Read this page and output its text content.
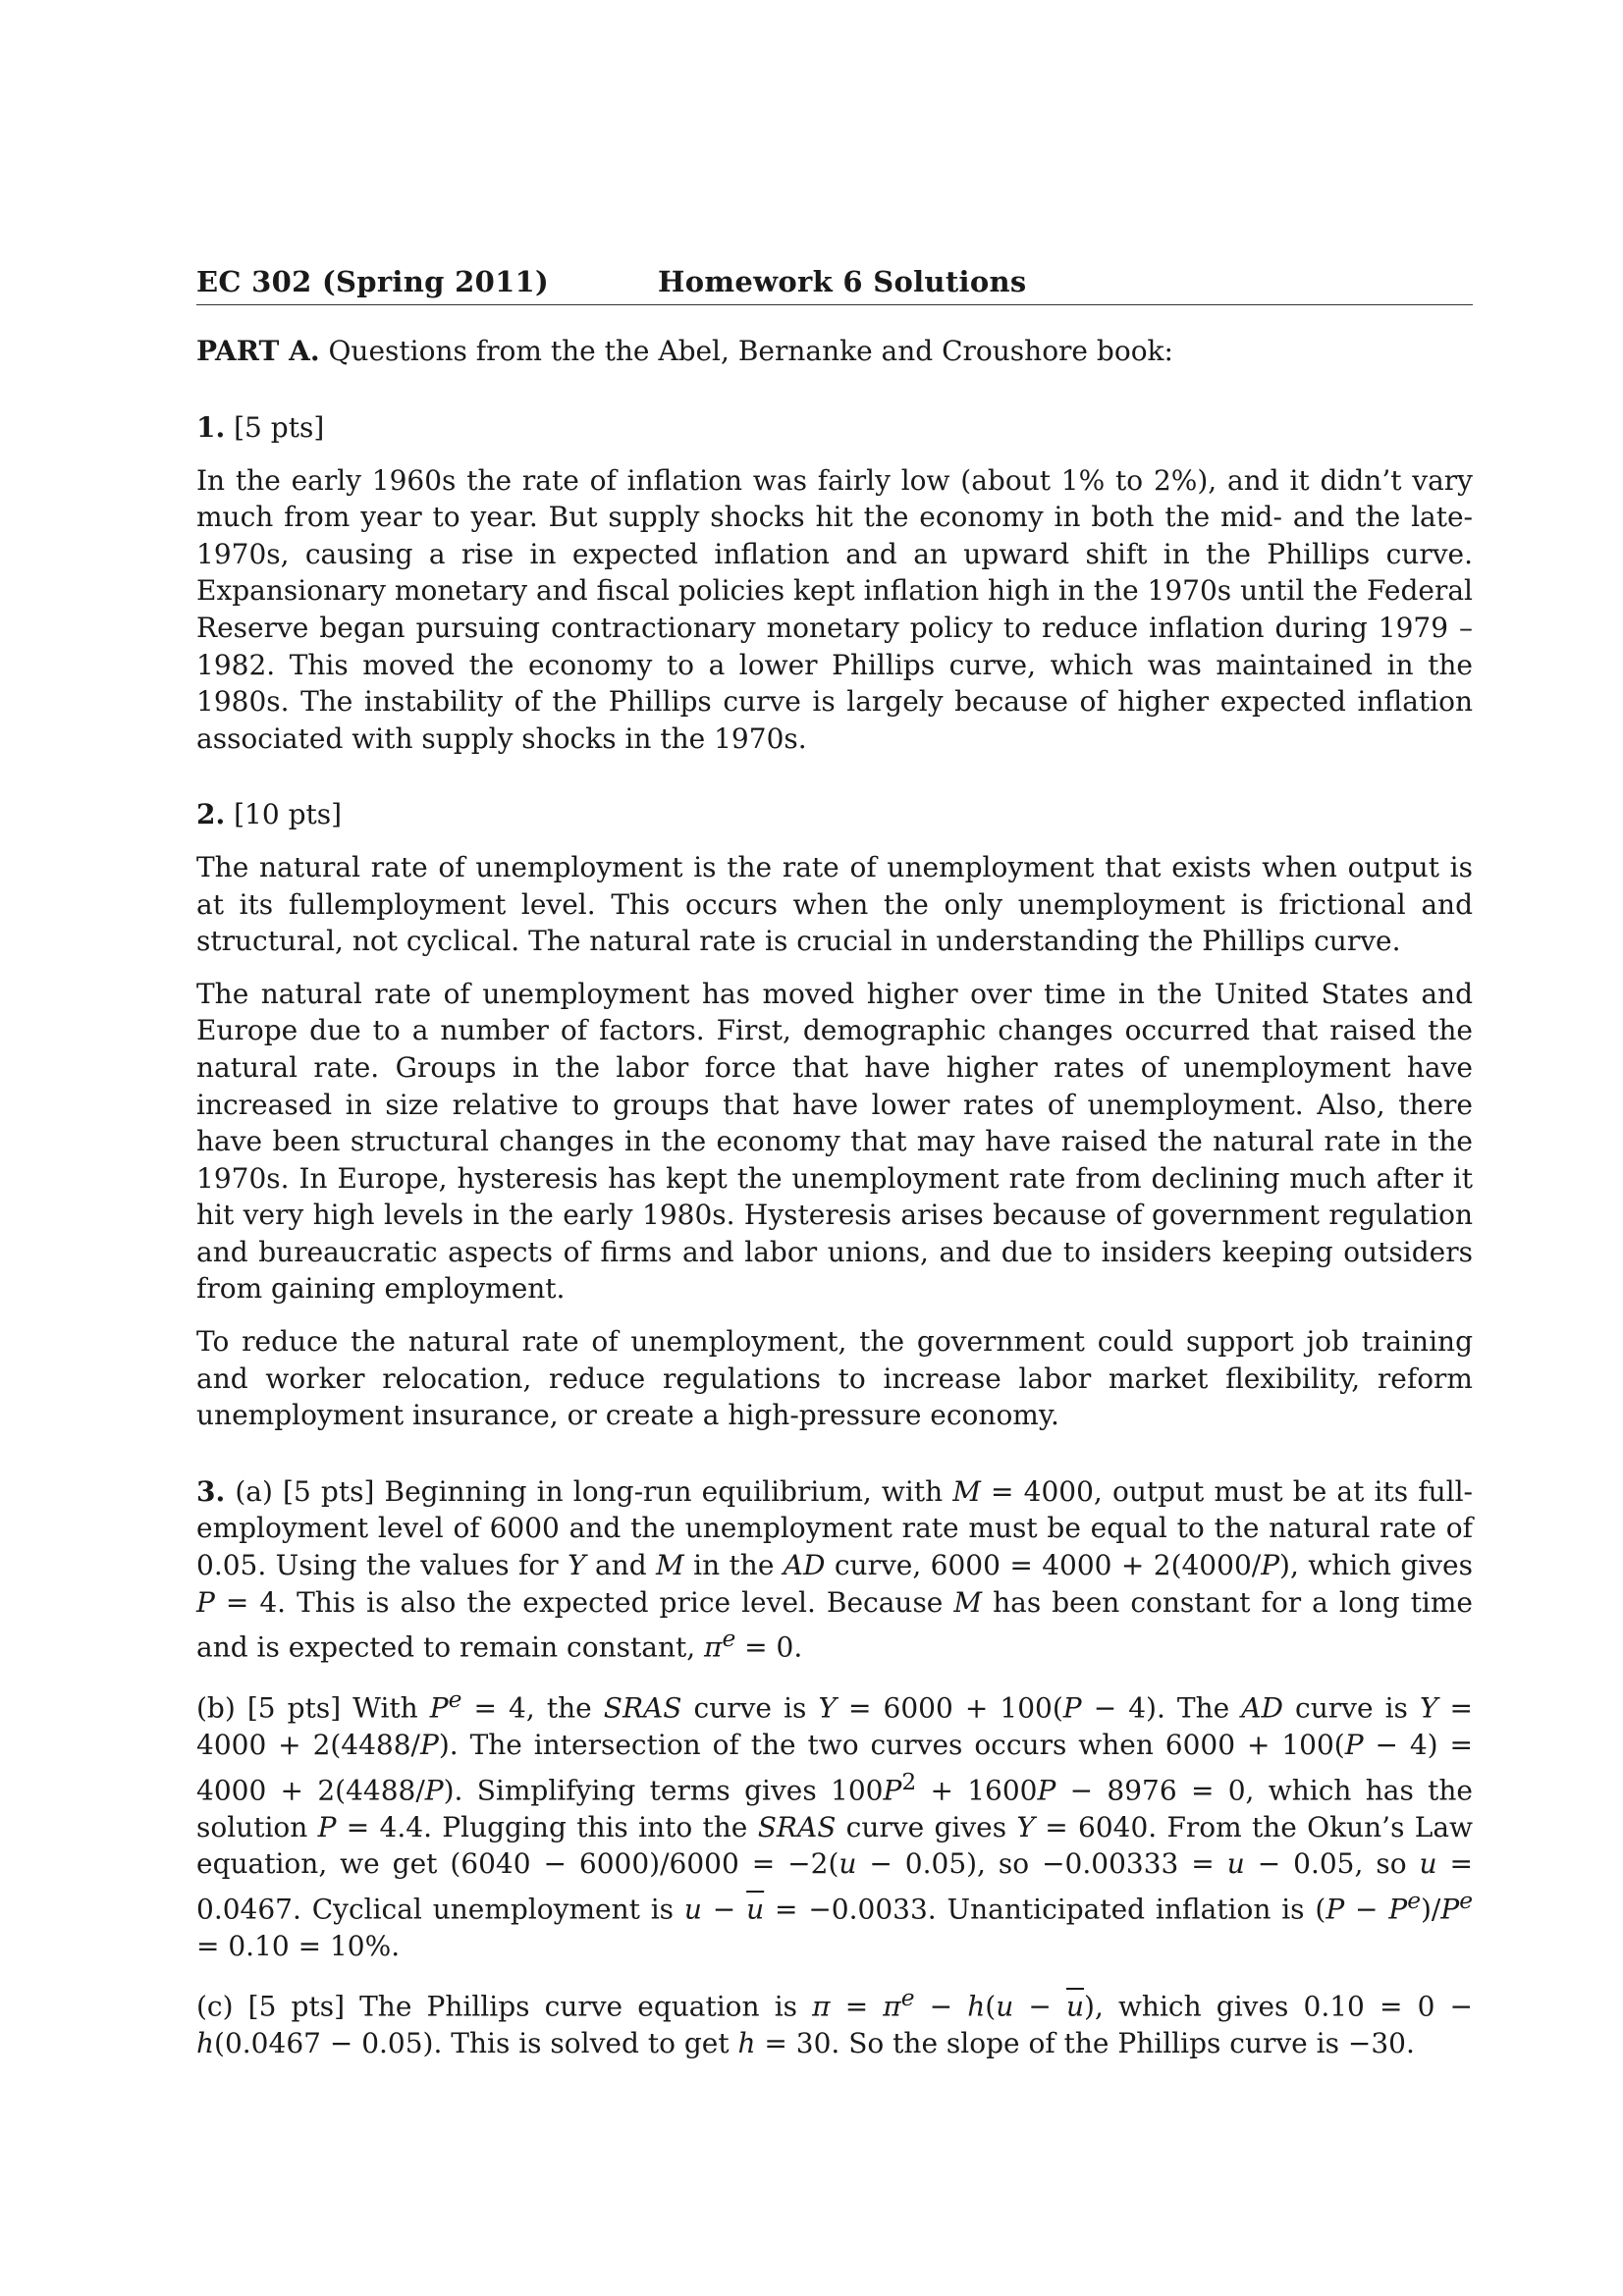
EC 302 (Spring 2011)	Homework 6 Solutions
PART A. Questions from the the Abel, Bernanke and Croushore book:

1. [5 pts]

In the early 1960s the rate of inflation was fairly low (about 1% to 2%), and it didn’t vary much from year to year. But supply shocks hit the economy in both the mid- and the late-1970s, causing a rise in expected inflation and an upward shift in the Phillips curve. Expansionary monetary and fiscal policies kept inflation high in the 1970s until the Federal Reserve began pursuing contractionary monetary policy to reduce inflation during 1979 – 1982. This moved the economy to a lower Phillips curve, which was maintained in the 1980s. The instability of the Phillips curve is largely because of higher expected inflation associated with supply shocks in the 1970s.

2. [10 pts]

The natural rate of unemployment is the rate of unemployment that exists when output is at its fullemployment level. This occurs when the only unemployment is frictional and structural, not cyclical. The natural rate is crucial in understanding the Phillips curve.

The natural rate of unemployment has moved higher over time in the United States and Europe due to a number of factors. First, demographic changes occurred that raised the natural rate. Groups in the labor force that have higher rates of unemployment have increased in size relative to groups that have lower rates of unemployment. Also, there have been structural changes in the economy that may have raised the natural rate in the 1970s. In Europe, hysteresis has kept the unemployment rate from declining much after it hit very high levels in the early 1980s. Hysteresis arises because of government regulation and bureaucratic aspects of firms and labor unions, and due to insiders keeping outsiders from gaining employment.

To reduce the natural rate of unemployment, the government could support job training and worker relocation, reduce regulations to increase labor market flexibility, reform unemployment insurance, or create a high-pressure economy.

3. (a) [5 pts] Beginning in long-run equilibrium, with M = 4000, output must be at its full-employment level of 6000 and the unemployment rate must be equal to the natural rate of 0.05. Using the values for Y and M in the AD curve, 6000 = 4000 + 2(4000/P), which gives P = 4. This is also the expected price level. Because M has been constant for a long time and is expected to remain constant, $\pi^e = 0$.

(b) [5 pts] With $P^e = 4$, the SRAS curve is Y = 6000 + 100(P − 4). The AD curve is Y = 4000 + 2(4488/P). The intersection of the two curves occurs when 6000 + 100(P − 4) = 4000 + 2(4488/P). Simplifying terms gives $100P^2 + 1600P - 8976 = 0$, which has the solution P = 4.4. Plugging this into the SRAS curve gives Y = 6040. From the Okun’s Law equation, we get (6040 − 6000)/6000 = −2(u − 0.05), so −0.00333 = u − 0.05, so u = 0.0467. Cyclical unemployment is $u - \overline{u} = -0.0033$. Unanticipated inflation is $(P - P^e)/P^e = 0.10 = 10\%$.

(c) [5 pts] The Phillips curve equation is $\pi = \pi^e - h(u - \overline{u})$, which gives 0.10 = 0 − h(0.0467 − 0.05). This is solved to get h = 30. So the slope of the Phillips curve is −30.
